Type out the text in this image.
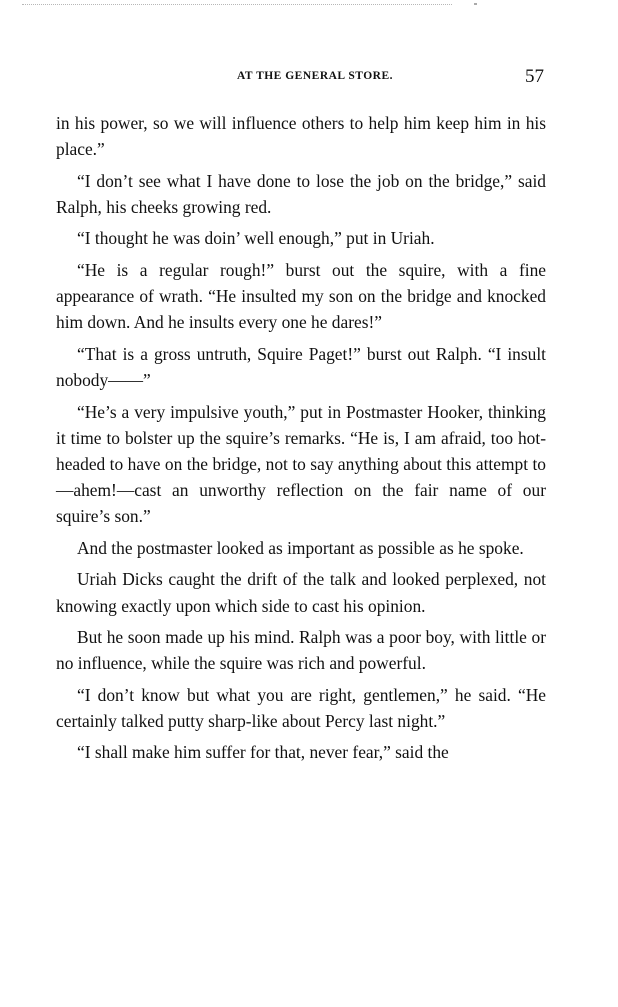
AT THE GENERAL STORE.	57

in his power, so we will influence others to help him keep him in his place.”

“I don’t see what I have done to lose the job on the bridge,” said Ralph, his cheeks growing red.

“I thought he was doin’ well enough,” put in Uriah.

“He is a regular rough!” burst out the squire, with a fine appearance of wrath. “He insulted my son on the bridge and knocked him down. And he insults every one he dares!”

“That is a gross untruth, Squire Paget!” burst out Ralph. “I insult nobody——”

“He’s a very impulsive youth,” put in Postmaster Hooker, thinking it time to bolster up the squire’s remarks. “He is, I am afraid, too hot-headed to have on the bridge, not to say anything about this attempt to—ahem!—cast an unworthy reflection on the fair name of our squire’s son.”

And the postmaster looked as important as possible as he spoke.

Uriah Dicks caught the drift of the talk and looked perplexed, not knowing exactly upon which side to cast his opinion.

But he soon made up his mind. Ralph was a poor boy, with little or no influence, while the squire was rich and powerful.

“I don’t know but what you are right, gentlemen,” he said. “He certainly talked putty sharp-like about Percy last night.”

“I shall make him suffer for that, never fear,” said the
